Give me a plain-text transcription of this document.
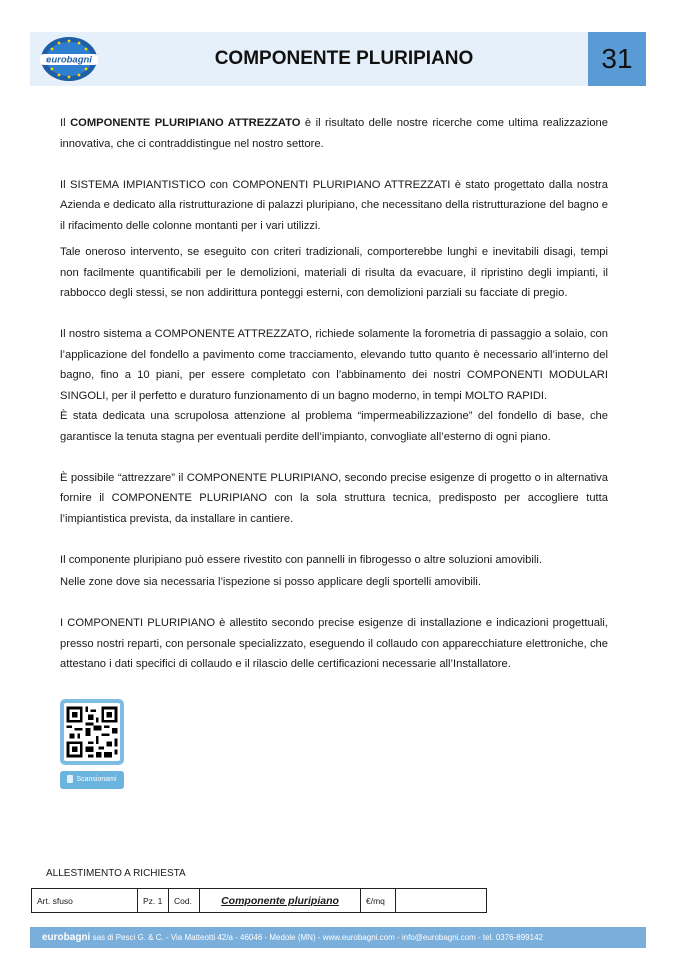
eurobagni	COMPONENTE PLURIPIANO	31

Il COMPONENTE PLURIPIANO ATTREZZATO è il risultato delle nostre ricerche come ultima realizzazione innovativa, che ci contraddistingue nel nostro settore.

Il SISTEMA IMPIANTISTICO con COMPONENTI PLURIPIANO ATTREZZATI è stato progettato dalla nostra Azienda e dedicato alla ristrutturazione di palazzi pluripiano, che necessitano della ristrutturazione del bagno e il rifacimento delle colonne montanti per i vari utilizzi.

Tale oneroso intervento, se eseguito con criteri tradizionali, comporterebbe lunghi e inevitabili disagi, tempi non facilmente quantificabili per le demolizioni, materiali di risulta da evacuare, il ripristino degli impianti, il rabbocco degli stessi, se non addirittura ponteggi esterni, con demolizioni parziali su facciate di pregio.

Il nostro sistema a COMPONENTE ATTREZZATO, richiede solamente la forometria di passaggio a solaio, con l’applicazione del fondello a pavimento come tracciamento, elevando tutto quanto è necessario all’interno del bagno, fino a 10 piani, per essere completato con l’abbinamento dei nostri COMPONENTI MODULARI SINGOLI, per il perfetto e duraturo funzionamento di un bagno moderno, in tempi MOLTO RAPIDI.

È stata dedicata una scrupolosa attenzione al problema “impermeabilizzazione” del fondello di base, che garantisce la tenuta stagna per eventuali perdite dell’impianto, convogliate all’esterno di ogni piano.

È possibile “attrezzare” il COMPONENTE PLURIPIANO, secondo precise esigenze di progetto o in alternativa fornire il COMPONENTE PLURIPIANO con la sola struttura tecnica, predisposto per accogliere tutta l’impiantistica prevista, da installare in cantiere.

Il componente pluripiano può essere rivestito con pannelli in fibrogesso o altre soluzioni amovibili.

Nelle zone dove sia necessaria l’ispezione si posso applicare degli sportelli amovibili.

I COMPONENTI PLURIPIANO è allestito secondo precise esigenze di installazione e indicazioni progettuali, presso nostri reparti, con personale specializzato, eseguendo il collaudo con apparecchiature elettroniche, che attestano i dati specifici di collaudo e il rilascio delle certificazioni necessarie all’Installatore.

Scansionami
ALLESTIMENTO A RICHIESTA
Art. sfuso	Pz. 1	Cod.	Componente pluripiano	€/mq	
eurobagni sas di Pesci G. & C. - Via Matteotti 42/a - 46046 - Medole (MN) - www.eurobagni.com - info@eurobagni.com - tel. 0376-899142
